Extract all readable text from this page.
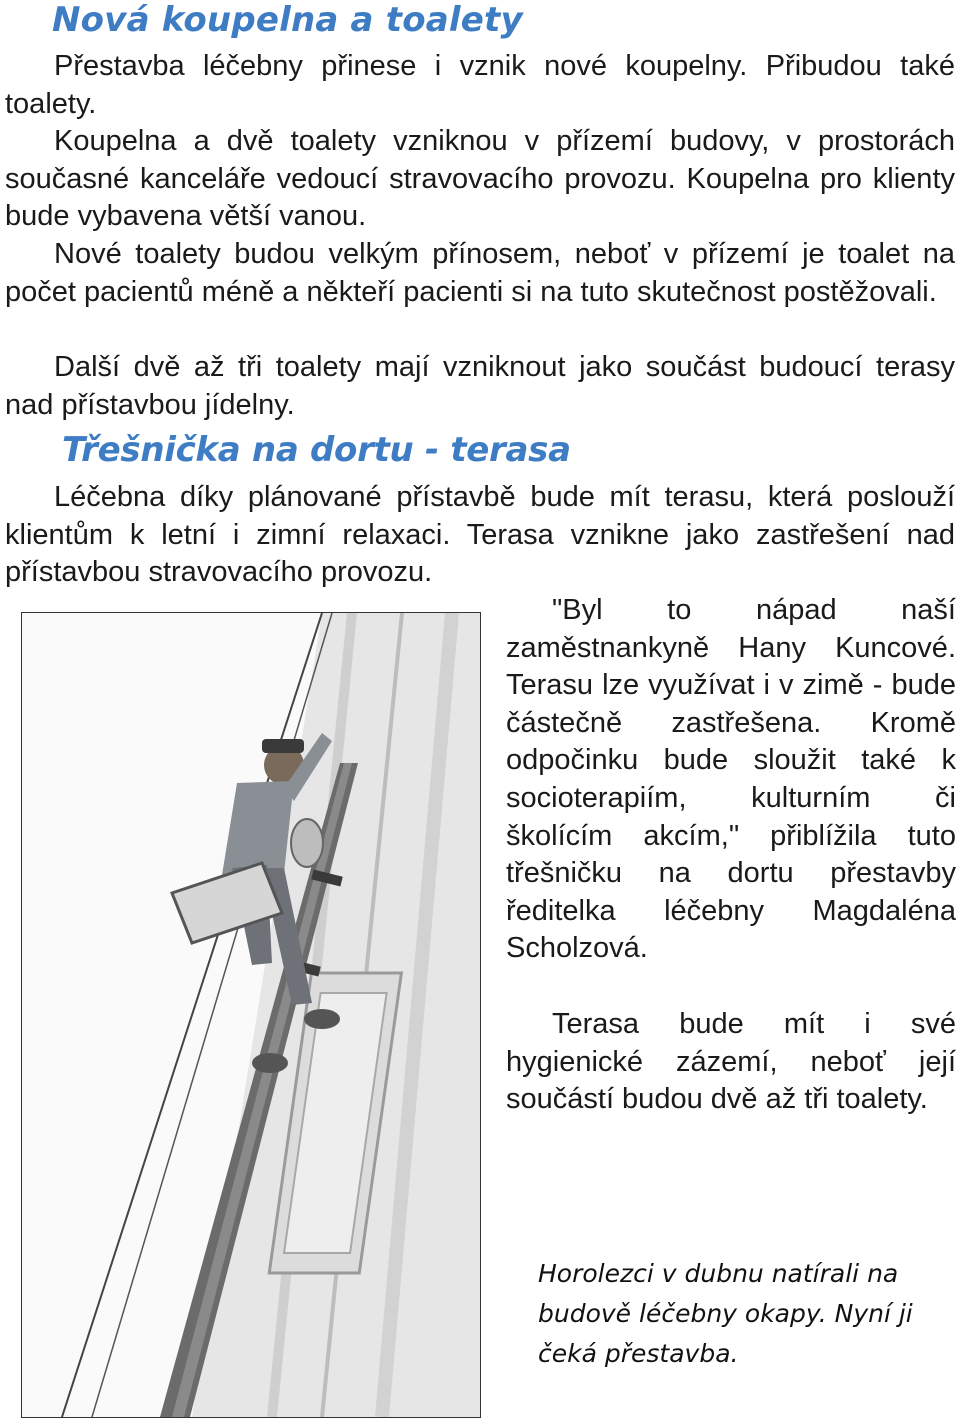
Nová koupelna a toalety

Přestavba léčebny přinese i vznik nové koupelny. Přibudou také toalety.

Koupelna a dvě toalety vzniknou v přízemí budovy, v prostorách současné kanceláře vedoucí stravovacího provozu. Koupelna pro klienty bude vybavena větší vanou.

Nové toalety budou velkým přínosem, neboť v přízemí je toalet na počet pacientů méně a někteří pacienti si na tuto skutečnost postěžovali.

Další dvě až tři toalety mají vzniknout jako součást budoucí terasy nad přístavbou jídelny.

Třešnička na dortu - terasa

Léčebna díky plánované přístavbě bude mít terasu, která poslouží klientům k letní i zimní relaxaci. Terasa vznikne jako zastřešení nad přístavbou stravovacího provozu.

"Byl to nápad naší zaměstnankyně Hany Kuncové. Terasu lze využívat i v zimě - bude částečně zastřešena. Kromě odpočinku bude sloužit také k socioterapiím, kulturním či školícím akcím," přiblížila tuto třešničku na dortu přestavby ředitelka léčebny Magdaléna Scholzová.

Terasa bude mít i své hygienické zázemí, neboť její součástí budou dvě až tři toalety.

Horolezci v dubnu natírali na budově léčebny okapy. Nyní ji čeká přestavba.
